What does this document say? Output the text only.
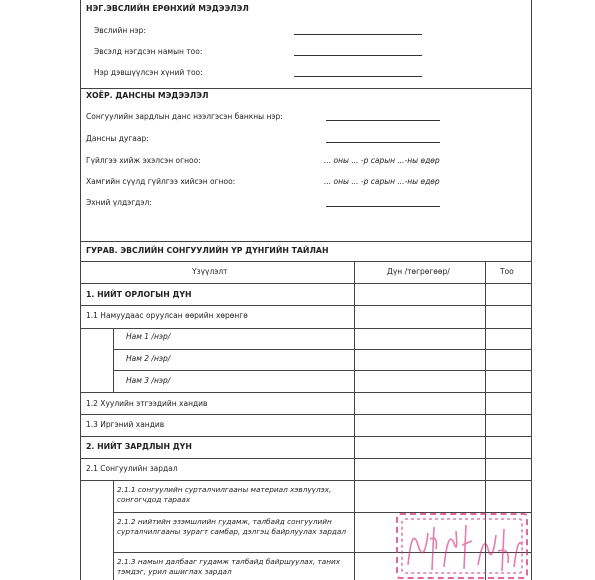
НЭГ.ЭВСЛИЙН ЕРӨНХИЙ МЭДЭЭЛЭЛ
Эвслийн нэр:
Эвсэлд нэгдсэн намын тоо:
Нэр дэвшүүлсэн хүний тоо:
ХОЁР. ДАНСНЫ МЭДЭЭЛЭЛ
Сонгуулийн зардлын данс нээлгэсэн банкны нэр:
Дансны дугаар:
Гүйлгээ хийж эхэлсэн огноо:	... оны ... -р сарын ...-ны өдөр
Хамгийн сүүлд гүйлгээ хийсэн огноо:	... оны ... -р сарын ...-ны өдөр
Эхний үлдэгдэл:
ГУРАВ. ЭВСЛИЙН СОНГУУЛИЙН ҮР ДҮНГИЙН ТАЙЛАН
Үзүүлэлт	Дүн /төгрөгөөр/	Тоо
1. НИЙТ ОРЛОГЫН ДҮН
1.1 Намуудаас оруулсан өөрийн хөрөнгө
Нам 1 /нэр/
Нам 2 /нэр/
Нам 3 /нэр/
1.2 Хуулийн этгээдийн хандив
1.3 Иргэний хандив
2. НИЙТ ЗАРДЛЫН ДҮН
2.1 Сонгуулийн зардал
2.1.1 сонгуулийн сурталчилгааны материал хэвлүүлэх, сонгогчдод тараах
2.1.2 нийтийн эзэмшлийн гудамж, талбайд сонгуулийн сурталчилгааны зурагт самбар, дэлгэц байрлуулах зардал
2.1.3 намын далбааг гудамж талбайд байршуулах, таних тэмдэг, урил ашиглах зардал
